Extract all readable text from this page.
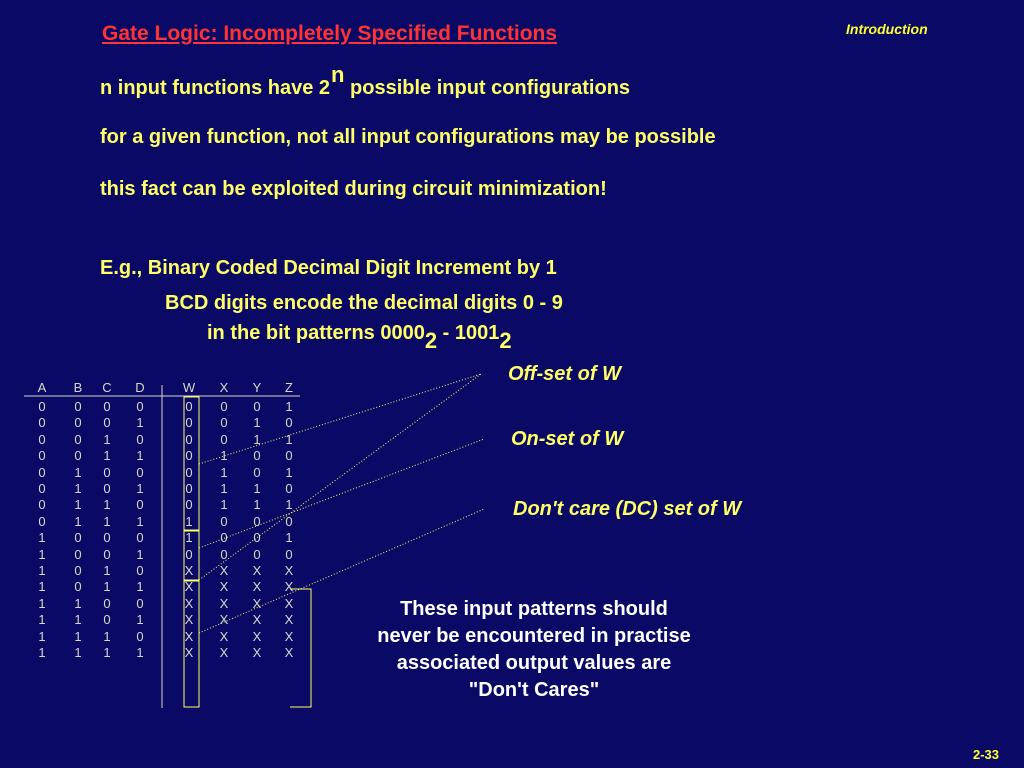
Gate Logic: Incompletely Specified Functions	Introduction
n input functions have 2n possible input configurations
for a given function, not all input configurations may be possible
this fact can be exploited during circuit minimization!
E.g., Binary Coded Decimal Digit Increment by 1
BCD digits encode the decimal digits 0 - 9
in the bit patterns 00002 - 10012
Off-set of W
On-set of W
Don't care (DC) set of W
These input patterns should
never be encountered in practise
associated output values are
"Don't Cares"
A	B	C	D	W	X	Y	Z
0	0	0	0	0	0	0	1
0	0	0	1	0	0	1	0
0	0	1	0	0	0	1	1
0	0	1	1	0	1	0	0
0	1	0	0	0	1	0	1
0	1	0	1	0	1	1	0
0	1	1	0	0	1	1	1
0	1	1	1	1	0	0	0
1	0	0	0	1	0	0	1
1	0	0	1	0	0	0	0
1	0	1	0	X	X	X	X
1	0	1	1	X	X	X	X
1	1	0	0	X	X	X	X
1	1	0	1	X	X	X	X
1	1	1	0	X	X	X	X
1	1	1	1	X	X	X	X
2-33
